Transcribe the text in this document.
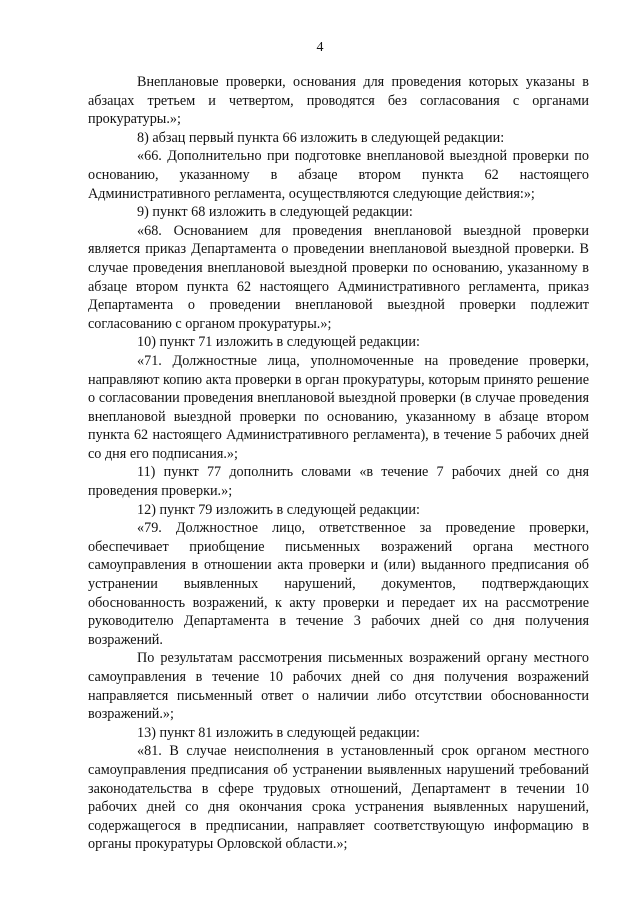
4

Внеплановые проверки, основания для проведения которых указаны в абзацах третьем и четвертом, проводятся без согласования с органами прокуратуры.»;

8) абзац первый пункта 66 изложить в следующей редакции:

«66. Дополнительно при подготовке внеплановой выездной проверки по основанию, указанному в абзаце втором пункта 62 настоящего Административного регламента, осуществляются следующие действия:»;

9) пункт 68 изложить в следующей редакции:

«68. Основанием для проведения внеплановой выездной проверки является приказ Департамента о проведении внеплановой выездной проверки. В случае проведения внеплановой выездной проверки по основанию, указанному в абзаце втором пункта 62 настоящего Административного регламента, приказ Департамента о проведении внеплановой выездной проверки подлежит согласованию с органом прокуратуры.»;

10) пункт 71 изложить в следующей редакции:

«71. Должностные лица, уполномоченные на проведение проверки, направляют копию акта проверки в орган прокуратуры, которым принято решение о согласовании проведения внеплановой выездной проверки (в случае проведения внеплановой выездной проверки по основанию, указанному в абзаце втором пункта 62 настоящего Административного регламента), в течение 5 рабочих дней со дня его подписания.»;

11) пункт 77 дополнить словами «в течение 7 рабочих дней со дня проведения проверки.»;

12) пункт 79 изложить в следующей редакции:

«79. Должностное лицо, ответственное за проведение проверки, обеспечивает приобщение письменных возражений органа местного самоуправления в отношении акта проверки и (или) выданного предписания об устранении выявленных нарушений, документов, подтверждающих обоснованность возражений, к акту проверки и передает их на рассмотрение руководителю Департамента в течение 3 рабочих дней со дня получения возражений.

По результатам рассмотрения письменных возражений органу местного самоуправления в течение 10 рабочих дней со дня получения возражений направляется письменный ответ о наличии либо отсутствии обоснованности возражений.»;

13) пункт 81 изложить в следующей редакции:

«81. В случае неисполнения в установленный срок органом местного самоуправления предписания об устранении выявленных нарушений требований законодательства в сфере трудовых отношений, Департамент в течении 10 рабочих дней со дня окончания срока устранения выявленных нарушений, содержащегося в предписании, направляет соответствующую информацию в органы прокуратуры Орловской области.»;
